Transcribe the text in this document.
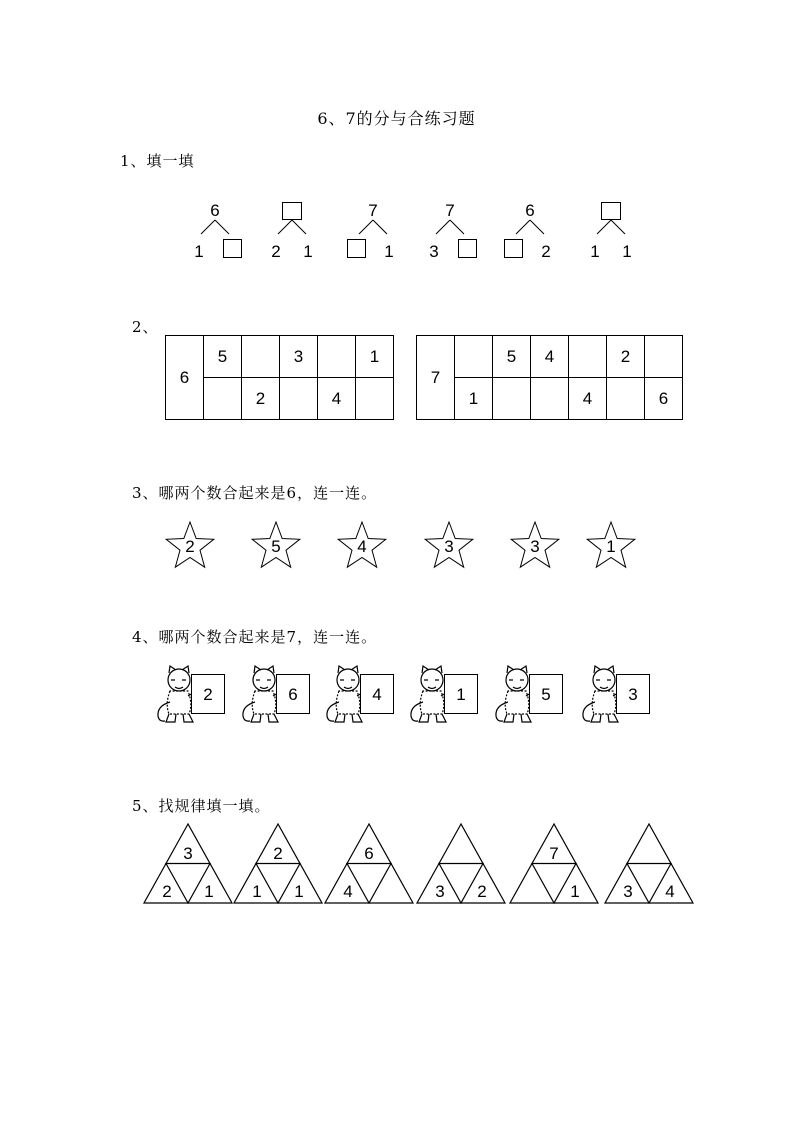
6、7的分与合练习题
1、填一填
6
1	2 1
7
1
7
3
6
2 1 1
2、
6	5		3		1
		2		4	
7		5	4		2	
	1			4		6
3、哪两个数合起来是6，连一连。
2	5	4	3	3	1
4、哪两个数合起来是7，连一连。
2	6	4	1	5	3
5、找规律填一填。
3
2	1
2
1	1
6
4	3	2
7
1	3	4
